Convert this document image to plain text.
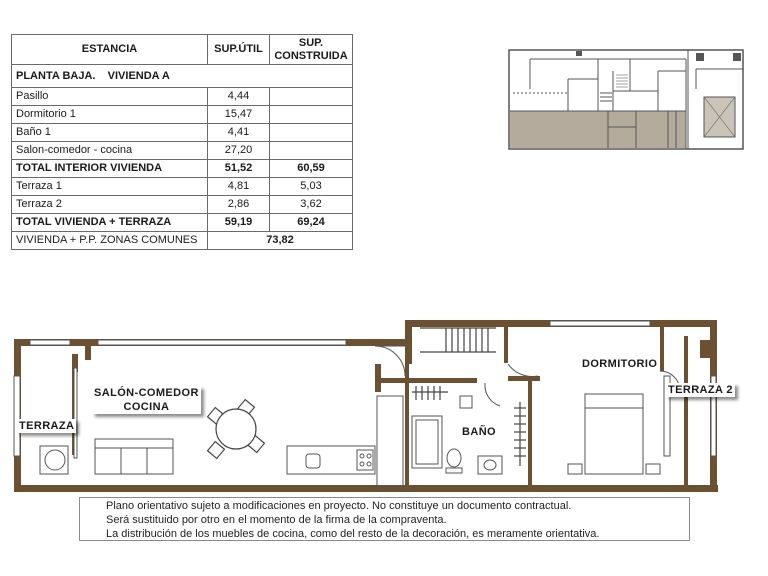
ESTANCIA	SUP.ÚTIL	SUP.
CONSTRUIDA
PLANTA BAJA.    VIVIENDA A		
Pasillo	4,44	
Dormitorio 1	15,47	
Baño 1	4,41	
Salon-comedor - cocina	27,20	
TOTAL INTERIOR VIVIENDA	51,52	60,59
Terraza 1	4,81	5,03
Terraza 2	2,86	3,62
TOTAL VIVIENDA + TERRAZA	59,19	69,24
VIVIENDA + P.P. ZONAS COMUNES	73,82	
TERRAZA
SALÓN-COMEDOR
COCINA
BAÑO
DORMITORIO
TERRAZA 2
Plano orientativo sujeto a modificaciones en proyecto. No constituye un documento contractual.
Será sustituido por otro en el momento de la firma de la compraventa.
La distribución de los muebles de cocina, como del resto de la decoración, es meramente orientativa.
